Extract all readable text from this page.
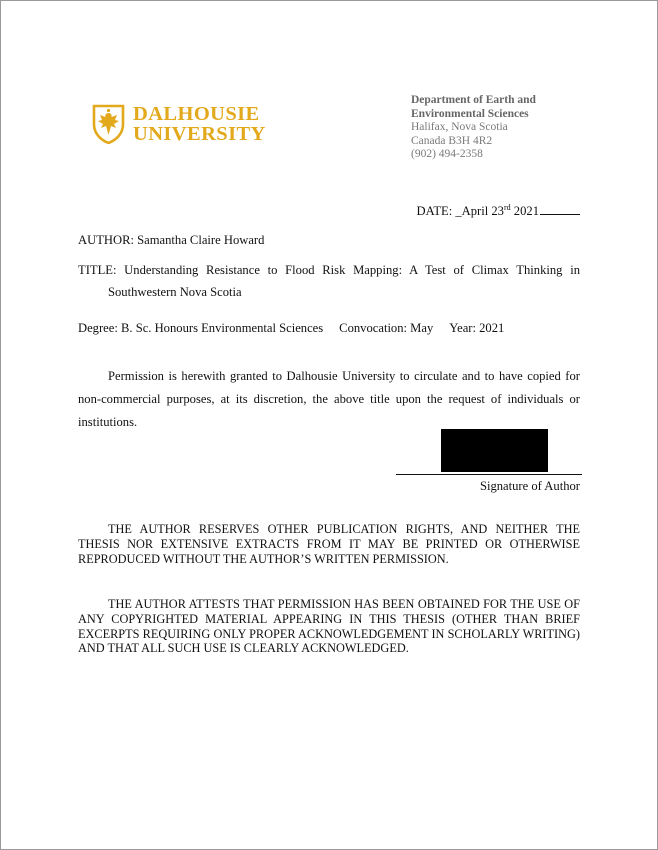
DALHOUSIE
UNIVERSITY
Department of Earth and
Environmental Sciences
Halifax, Nova Scotia
Canada B3H 4R2
(902) 494-2358
DATE: _April 23rd 2021
AUTHOR: Samantha Claire Howard
TITLE: Understanding Resistance to Flood Risk Mapping: A Test of Climax Thinking in
Southwestern Nova Scotia
Degree: B. Sc. Honours Environmental Sciences Convocation: May Year: 2021

Permission is herewith granted to Dalhousie University to circulate and to have copied for non-commercial purposes, at its discretion, the above title upon the request of individuals or institutions.

Signature of Author

THE AUTHOR RESERVES OTHER PUBLICATION RIGHTS, AND NEITHER THE THESIS NOR EXTENSIVE EXTRACTS FROM IT MAY BE PRINTED OR OTHERWISE REPRODUCED WITHOUT THE AUTHOR’S WRITTEN PERMISSION.

THE AUTHOR ATTESTS THAT PERMISSION HAS BEEN OBTAINED FOR THE USE OF ANY COPYRIGHTED MATERIAL APPEARING IN THIS THESIS (OTHER THAN BRIEF EXCERPTS REQUIRING ONLY PROPER ACKNOWLEDGEMENT IN SCHOLARLY WRITING) AND THAT ALL SUCH USE IS CLEARLY ACKNOWLEDGED.
